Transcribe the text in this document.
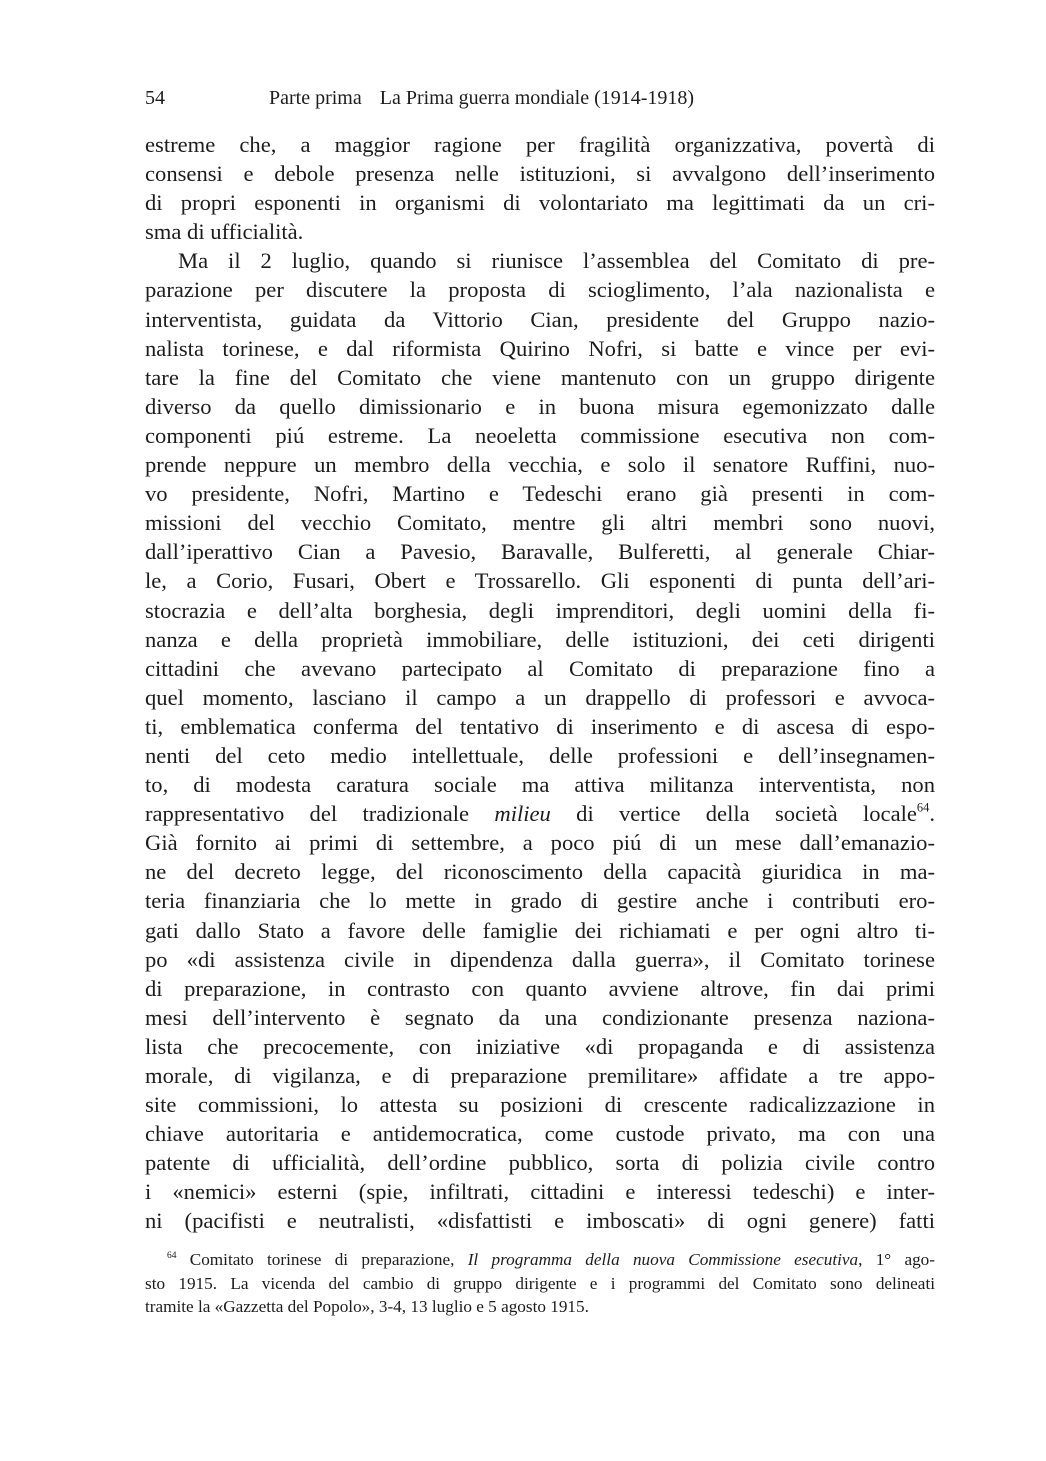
54	Parte prima La Prima guerra mondiale (1914-1918)
estreme che, a maggior ragione per fragilità organizzativa, povertà di
consensi e debole presenza nelle istituzioni, si avvalgono dell’inserimento
di propri esponenti in organismi di volontariato ma legittimati da un cri-
sma di ufficialità.
Ma il 2 luglio, quando si riunisce l’assemblea del Comitato di pre-
parazione per discutere la proposta di scioglimento, l’ala nazionalista e
interventista, guidata da Vittorio Cian, presidente del Gruppo nazio-
nalista torinese, e dal riformista Quirino Nofri, si batte e vince per evi-
tare la fine del Comitato che viene mantenuto con un gruppo dirigente
diverso da quello dimissionario e in buona misura egemonizzato dalle
componenti piú estreme. La neoeletta commissione esecutiva non com-
prende neppure un membro della vecchia, e solo il senatore Ruffini, nuo-
vo presidente, Nofri, Martino e Tedeschi erano già presenti in com-
missioni del vecchio Comitato, mentre gli altri membri sono nuovi,
dall’iperattivo Cian a Pavesio, Baravalle, Bulferetti, al generale Chiar-
le, a Corio, Fusari, Obert e Trossarello. Gli esponenti di punta dell’ari-
stocrazia e dell’alta borghesia, degli imprenditori, degli uomini della fi-
nanza e della proprietà immobiliare, delle istituzioni, dei ceti dirigenti
cittadini che avevano partecipato al Comitato di preparazione fino a
quel momento, lasciano il campo a un drappello di professori e avvoca-
ti, emblematica conferma del tentativo di inserimento e di ascesa di espo-
nenti del ceto medio intellettuale, delle professioni e dell’insegnamen-
to, di modesta caratura sociale ma attiva militanza interventista, non
rappresentativo del tradizionale milieu di vertice della società locale$^{64}$.
Già fornito ai primi di settembre, a poco piú di un mese dall’emanazio-
ne del decreto legge, del riconoscimento della capacità giuridica in ma-
teria finanziaria che lo mette in grado di gestire anche i contributi ero-
gati dallo Stato a favore delle famiglie dei richiamati e per ogni altro ti-
po «di assistenza civile in dipendenza dalla guerra», il Comitato torinese
di preparazione, in contrasto con quanto avviene altrove, fin dai primi
mesi dell’intervento è segnato da una condizionante presenza naziona-
lista che precocemente, con iniziative «di propaganda e di assistenza
morale, di vigilanza, e di preparazione premilitare» affidate a tre appo-
site commissioni, lo attesta su posizioni di crescente radicalizzazione in
chiave autoritaria e antidemocratica, come custode privato, ma con una
patente di ufficialità, dell’ordine pubblico, sorta di polizia civile contro
i «nemici» esterni (spie, infiltrati, cittadini e interessi tedeschi) e inter-
ni (pacifisti e neutralisti, «disfattisti e imboscati» di ogni genere) fatti
$^{64}$ Comitato torinese di preparazione, Il programma della nuova Commissione esecutiva, 1° ago-
sto 1915. La vicenda del cambio di gruppo dirigente e i programmi del Comitato sono delineati
tramite la «Gazzetta del Popolo», 3-4, 13 luglio e 5 agosto 1915.
